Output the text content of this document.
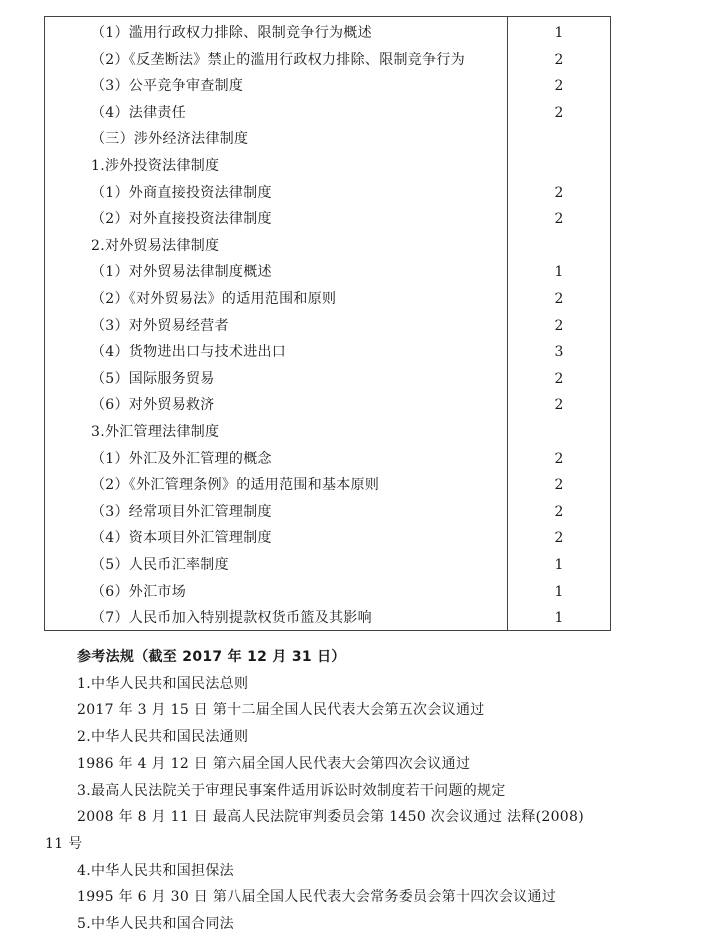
（1）滥用行政权力排除、限制竞争行为概述	1
（2）《反垄断法》禁止的滥用行政权力排除、限制竞争行为	2
（3）公平竞争审查制度	2
（4）法律责任	2
（三）涉外经济法律制度
1.涉外投资法律制度
（1）外商直接投资法律制度	2
（2）对外直接投资法律制度	2
2.对外贸易法律制度
（1）对外贸易法律制度概述	1
（2）《对外贸易法》的适用范围和原则	2
（3）对外贸易经营者	2
（4）货物进出口与技术进出口	3
（5）国际服务贸易	2
（6）对外贸易救济	2
3.外汇管理法律制度
（1）外汇及外汇管理的概念	2
（2）《外汇管理条例》的适用范围和基本原则	2
（3）经常项目外汇管理制度	2
（4）资本项目外汇管理制度	2
（5）人民币汇率制度	1
（6）外汇市场	1
（7）人民币加入特别提款权货币篮及其影响	1
参考法规（截至 2017 年 12 月 31 日）
1.中华人民共和国民法总则
2017 年 3 月 15 日 第十二届全国人民代表大会第五次会议通过
2.中华人民共和国民法通则
1986 年 4 月 12 日 第六届全国人民代表大会第四次会议通过
3.最高人民法院关于审理民事案件适用诉讼时效制度若干问题的规定
2008 年 8 月 11 日 最高人民法院审判委员会第 1450 次会议通过 法释(2008)
11 号
4.中华人民共和国担保法
1995 年 6 月 30 日 第八届全国人民代表大会常务委员会第十四次会议通过
5.中华人民共和国合同法
